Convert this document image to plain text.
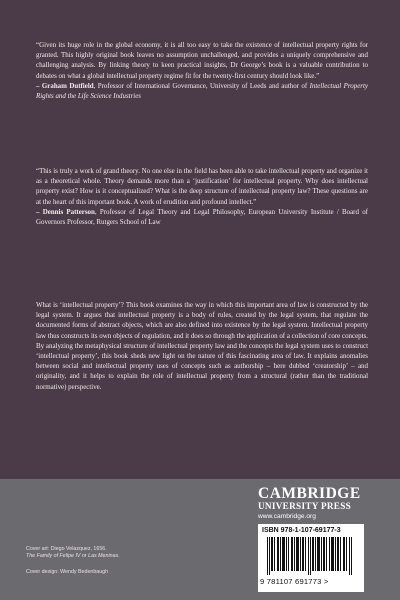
“Given its huge role in the global economy, it is all too easy to take the existence of intellectual property rights for granted. This highly original book leaves no assumption unchallenged, and provides a uniquely comprehensive and challenging analysis. By linking theory to keen practical insights, Dr George’s book is a valuable contribution to debates on what a global intellectual property regime fit for the twenty-first century should look like.”
– Graham Dutfield, Professor of International Governance, University of Leeds and author of Intellectual Property Rights and the Life Science Industries
“This is truly a work of grand theory. No one else in the field has been able to take intellectual property and organize it as a theoretical whole. Theory demands more than a ‘justification’ for intellectual property. Why does intellectual property exist? How is it conceptualized? What is the deep structure of intellectual property law? These questions are at the heart of this important book. A work of erudition and profound intellect.”
– Dennis Patterson, Professor of Legal Theory and Legal Philosophy, European University Institute / Board of Governors Professor, Rutgers School of Law
What is ‘intellectual property’? This book examines the way in which this important area of law is constructed by the legal system. It argues that intellectual property is a body of rules, created by the legal system, that regulate the documented forms of abstract objects, which are also defined into existence by the legal system. Intellectual property law thus constructs its own objects of regulation, and it does so through the application of a collection of core concepts. By analyzing the metaphysical structure of intellectual property law and the concepts the legal system uses to construct ‘intellectual property’, this book sheds new light on the nature of this fascinating area of law. It explains anomalies between social and intellectual property uses of concepts such as authorship – here dubbed ‘creatorship’ – and originality, and it helps to explain the role of intellectual property from a structural (rather than the traditional normative) perspective.
CAMBRIDGE
UNIVERSITY PRESS
www.cambridge.org
ISBN 978-1-107-69177-3
9 781107 691773 >
Cover art: Diego Velazquez, 1656.
The Family of Felipe IV or Las Meninas.
Cover design: Wendy Bedenbaugh
